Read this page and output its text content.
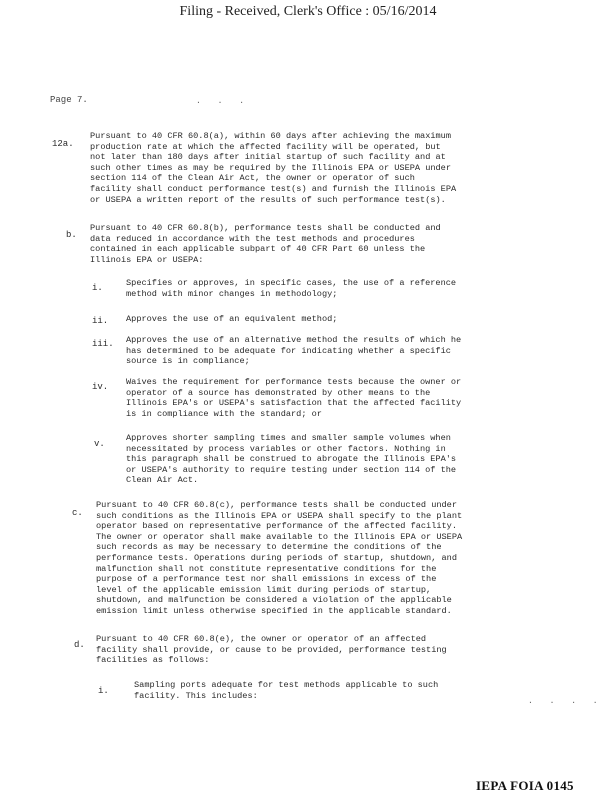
Filing - Received, Clerk's Office : 05/16/2014
Page 7.	. . .
. . . .
12a.
Pursuant to 40 CFR 60.8(a), within 60 days after achieving the maximum
production rate at which the affected facility will be operated, but
not later than 180 days after initial startup of such facility and at
such other times as may be required by the Illinois EPA or USEPA under
section 114 of the Clean Air Act, the owner or operator of such
facility shall conduct performance test(s) and furnish the Illinois EPA
or USEPA a written report of the results of such performance test(s).
b.
Pursuant to 40 CFR 60.8(b), performance tests shall be conducted and
data reduced in accordance with the test methods and procedures
contained in each applicable subpart of 40 CFR Part 60 unless the
Illinois EPA or USEPA:
i.	Specifies or approves, in specific cases, the use of a reference
method with minor changes in methodology;
ii. Approves the use of an equivalent method;
iii. Approves the use of an alternative method the results of which he
has determined to be adequate for indicating whether a specific
source is in compliance;
iv. Waives the requirement for performance tests because the owner or
operator of a source has demonstrated by other means to the
Illinois EPA's or USEPA's satisfaction that the affected facility
is in compliance with the standard; or
v.
Approves shorter sampling times and smaller sample volumes when
necessitated by process variables or other factors. Nothing in
this paragraph shall be construed to abrogate the Illinois EPA's
or USEPA's authority to require testing under section 114 of the
Clean Air Act.
c.
Pursuant to 40 CFR 60.8(c), performance tests shall be conducted under
such conditions as the Illinois EPA or USEPA shall specify to the plant
operator based on representative performance of the affected facility.
The owner or operator shall make available to the Illinois EPA or USEPA
such records as may be necessary to determine the conditions of the
performance tests. Operations during periods of startup, shutdown, and
malfunction shall not constitute representative conditions for the
purpose of a performance test nor shall emissions in excess of the
level of the applicable emission limit during periods of startup,
shutdown, and malfunction be considered a violation of the applicable
emission limit unless otherwise specified in the applicable standard.
d.
Pursuant to 40 CFR 60.8(e), the owner or operator of an affected
facility shall provide, or cause to be provided, performance testing
facilities as follows:
i.
Sampling ports adequate for test methods applicable to such
facility. This includes:
IEPA FOIA 0145
